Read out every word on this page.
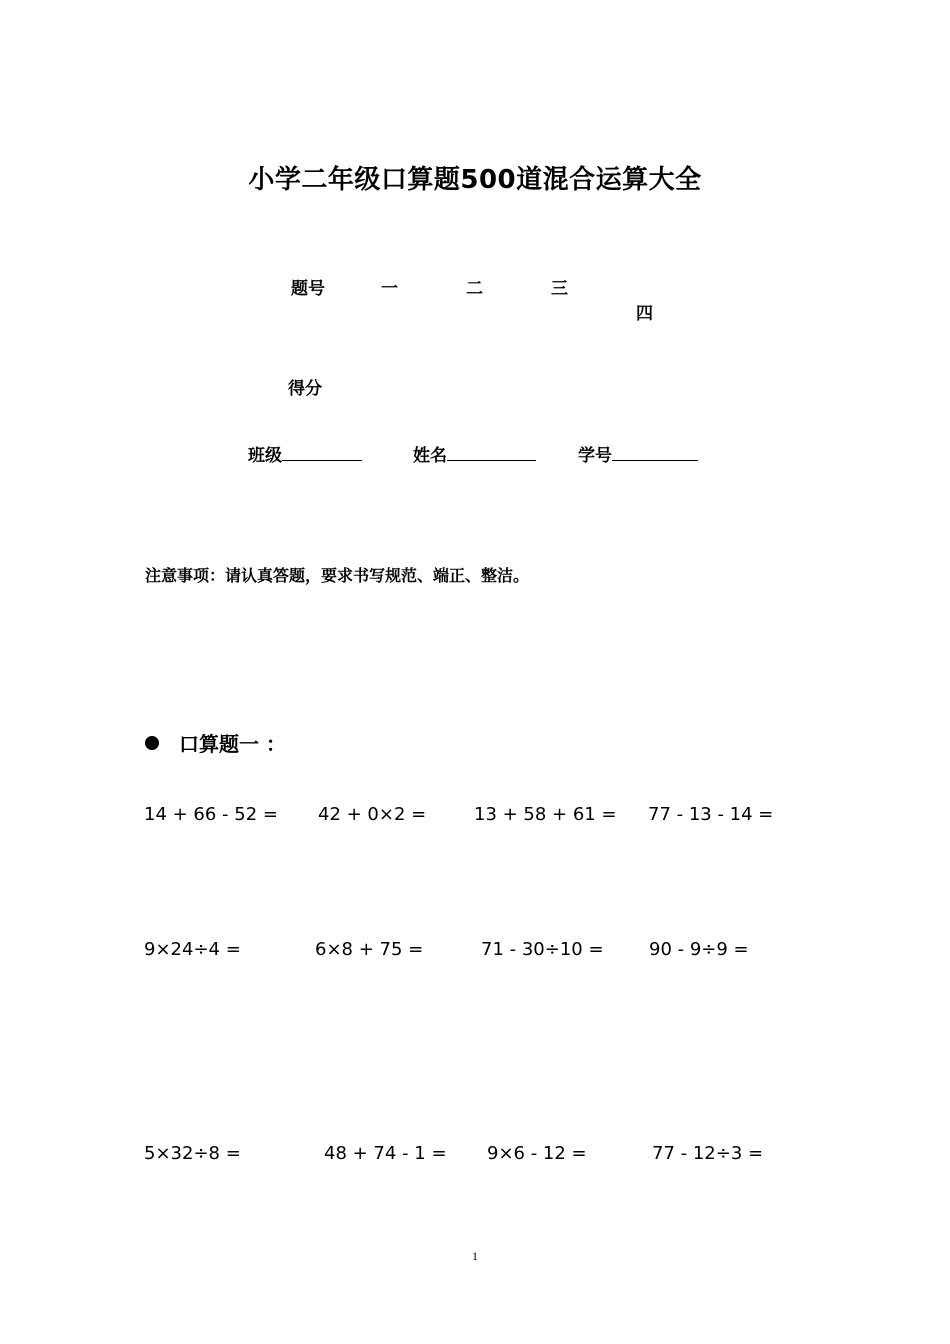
小学二年级口算题500道混合运算大全
题号	一	二	三
四
得分
班级	姓名	学号
注意事项：请认真答题，要求书写规范、端正、整洁。
口算题一 ：
14 + 66 - 52 = 42 + 0×2 =	13 + 58 + 61 = 77 - 13 - 14 =
9×24÷4 =	6×8 + 75 =	71 - 30÷10 =	90 - 9÷9 =
5×32÷8 =	48 + 74 - 1 = 9×6 - 12 =	77 - 12÷3 =
1
